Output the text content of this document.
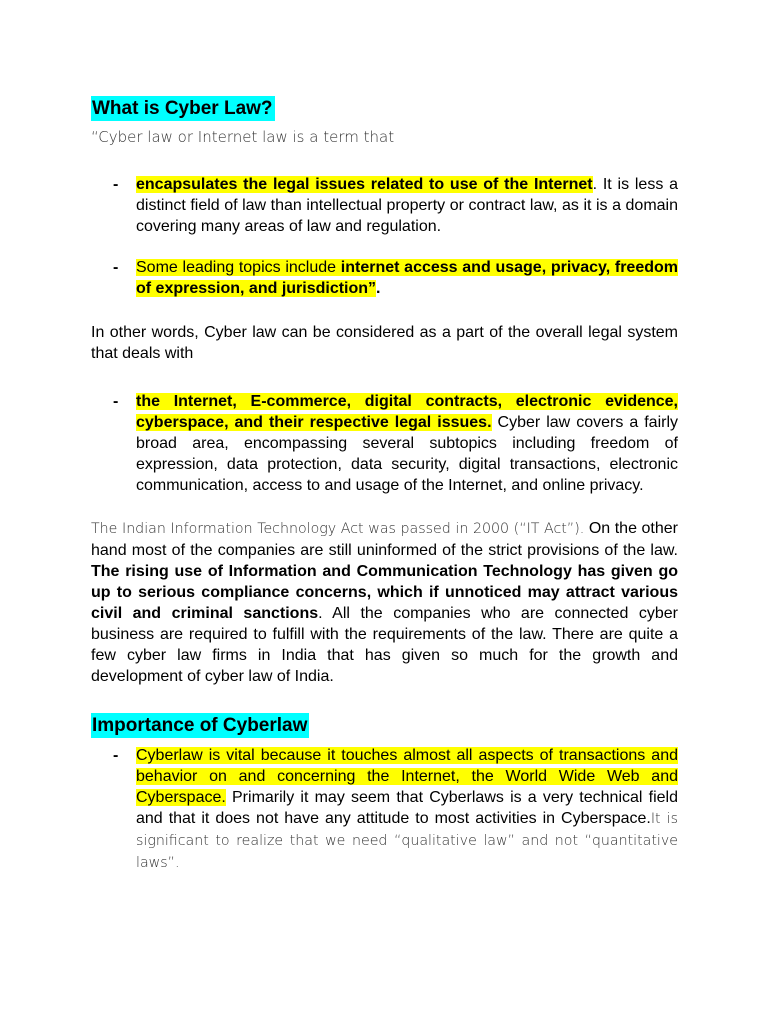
What is Cyber Law?

“Cyber law or Internet law is a term that

- encapsulates the legal issues related to use of the Internet. It is less a distinct field of law than intellectual property or contract law, as it is a domain covering many areas of law and regulation.

- Some leading topics include internet access and usage, privacy, freedom of expression, and jurisdiction”.

In other words, Cyber law can be considered as a part of the overall legal system that deals with

- the Internet, E-commerce, digital contracts, electronic evidence, cyberspace, and their respective legal issues. Cyber law covers a fairly broad area, encompassing several subtopics including freedom of expression, data protection, data security, digital transactions, electronic communication, access to and usage of the Internet, and online privacy.

The Indian Information Technology Act was passed in 2000 (“IT Act”). On the other hand most of the companies are still uninformed of the strict provisions of the law. The rising use of Information and Communication Technology has given go up to serious compliance concerns, which if unnoticed may attract various civil and criminal sanctions. All the companies who are connected cyber business are required to fulfill with the requirements of the law. There are quite a few cyber law firms in India that has given so much for the growth and development of cyber law of India.

Importance of Cyberlaw

- Cyberlaw is vital because it touches almost all aspects of transactions and behavior on and concerning the Internet, the World Wide Web and Cyberspace. Primarily it may seem that Cyberlaws is a very technical field and that it does not have any attitude to most activities in Cyberspace.It is significant to realize that we need “qualitative law” and not “quantitative laws”.
